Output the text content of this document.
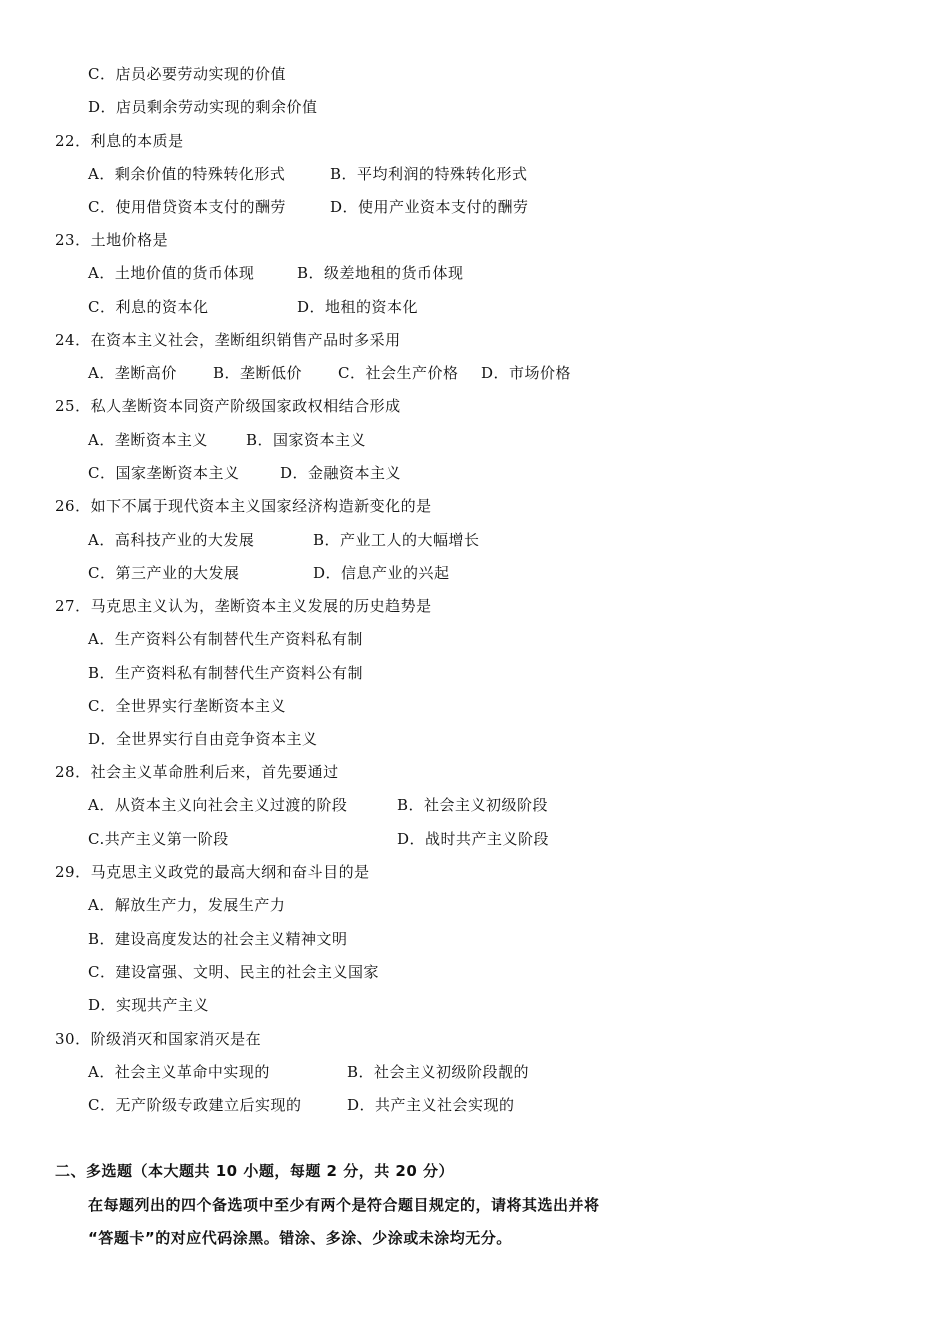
C．店员必要劳动实现的价值
D．店员剩余劳动实现的剩余价值
22．利息的本质是
A．剩余价值的特殊转化形式	B．平均利润的特殊转化形式
C．使用借贷资本支付的酬劳	D．使用产业资本支付的酬劳
23．土地价格是
A．土地价值的货币体现	B．级差地租的货币体现
C．利息的资本化	D．地租的资本化
24．在资本主义社会，垄断组织销售产品时多采用
A．垄断高价 B．垄断低价 C．社会生产价格 D．市场价格
25．私人垄断资本同资产阶级国家政权相结合形成
A．垄断资本主义	B．国家资本主义
C．国家垄断资本主义	D．金融资本主义
26．如下不属于现代资本主义国家经济构造新变化的是
A．高科技产业的大发展	B．产业工人的大幅增长
C．第三产业的大发展	D．信息产业的兴起
27．马克思主义认为，垄断资本主义发展的历史趋势是
A．生产资料公有制替代生产资料私有制
B．生产资料私有制替代生产资料公有制
C．全世界实行垄断资本主义
D．全世界实行自由竞争资本主义
28．社会主义革命胜利后来，首先要通过
A．从资本主义向社会主义过渡的阶段	B．社会主义初级阶段
C.共产主义第一阶段	D．战时共产主义阶段
29．马克思主义政党的最高大纲和奋斗目的是
A．解放生产力，发展生产力
B．建设高度发达的社会主义精神文明
C．建设富强、文明、民主的社会主义国家
D．实现共产主义
30．阶级消灭和国家消灭是在
A．社会主义革命中实现的	B．社会主义初级阶段靓的
C．无产阶级专政建立后实现的	D．共产主义社会实现的
二、多选题（本大题共 10 小题，每题 2 分，共 20 分）
在每题列出的四个备选项中至少有两个是符合题目规定的，请将其选出并将
“答题卡”的对应代码涂黑。错涂、多涂、少涂或未涂均无分。
